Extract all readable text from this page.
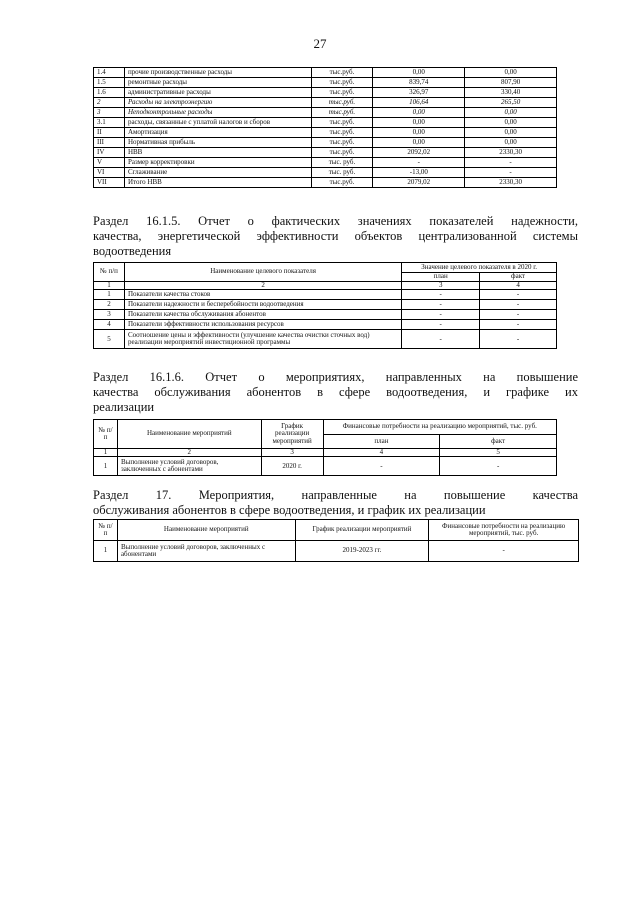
27
1.4	прочие производственные расходы	тыс.руб.	0,00	0,00
1.5	ремонтные расходы	тыс.руб.	839,74	807,90
1.6	административные расходы	тыс.руб.	326,97	330,40
2	Расходы на электроэнергию	тыс.руб.	106,64	265,50
3	Неподконтрольные расходы	тыс.руб.	0,00	0,00
3.1	расходы, связанные с уплатой налогов и сборов	тыс.руб.	0,00	0,00
II	Амортизация	тыс.руб.	0,00	0,00
III	Нормативная прибыль	тыс.руб.	0,00	0,00
IV	НВВ	тыс.руб.	2092,02	2330,30
V	Размер корректировки	тыс. руб.	-	-
VI	Сглаживание	тыс. руб.	-13,00	-
VII	Итого НВВ	тыс.руб.	2079,02	2330,30
Раздел 16.1.5. Отчет о фактических значениях показателей надежности,
качества, энергетической эффективности объектов централизованной системы
водоотведения
№ п/п	Наименование целевого показателя	Значение целевого показателя в 2020 г.	
		план	факт
1	2	3	4
1	Показатели качества стоков	-	-
2	Показатели надежности и бесперебойности водоотведения	-	-
3	Показатели качества обслуживания абонентов	-	-
4	Показатели эффективности использования ресурсов	-	-
5	Соотношение цены и эффективности (улучшение качества очистки сточных вод) реализации мероприятий инвестиционной программы	-	-
Раздел 16.1.6. Отчет о мероприятиях, направленных на повышение
качества обслуживания абонентов в сфере водоотведения, и графике их
реализации
№ п/п	Наименование мероприятий	График реализации мероприятий	Финансовые потребности на реализацию мероприятий, тыс. руб.	
			план	факт
1	2	3	4	5
1	Выполнение условий договоров, заключенных с абонентами	2020 г.	-	-
Раздел 17. Мероприятия, направленные на повышение качества
обслуживания абонентов в сфере водоотведения, и график их реализации
№ п/п	Наименование мероприятий	График реализации мероприятий	Финансовые потребности на реализацию мероприятий, тыс. руб.
1	Выполнение условий договоров, заключенных с абонентами	2019-2023 гг.	-
